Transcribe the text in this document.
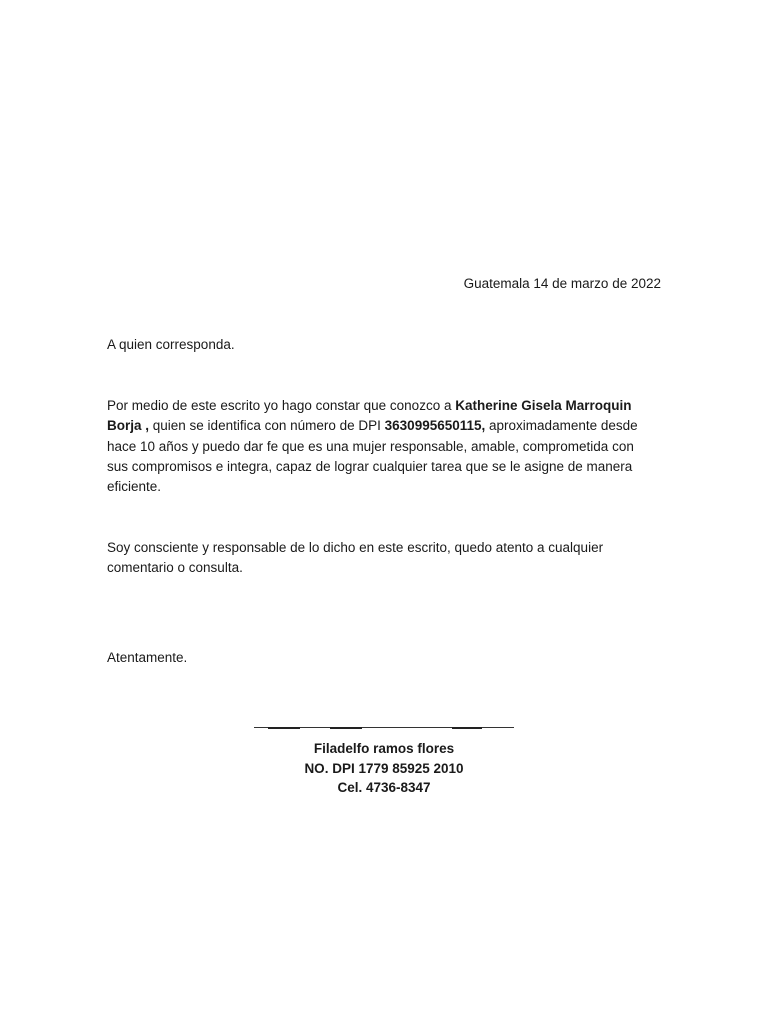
Guatemala 14 de marzo de 2022
A quien corresponda.

Por medio de este escrito yo hago constar que conozco a Katherine Gisela Marroquin Borja , quien se identifica con número de DPI 3630995650115, aproximadamente desde hace 10 años y puedo dar fe que es una mujer responsable, amable, comprometida con sus compromisos e integra, capaz de lograr cualquier tarea que se le asigne de manera eficiente.

Soy consciente y responsable de lo dicho en este escrito, quedo atento a cualquier comentario o consulta.

Atentamente.
Filadelfo ramos flores
NO. DPI 1779 85925 2010
Cel. 4736-8347
